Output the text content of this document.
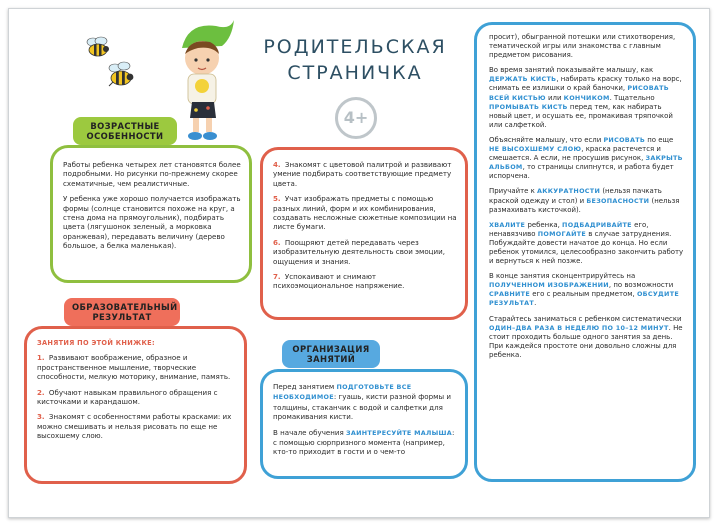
РОДИТЕЛЬСКАЯ
СТРАНИЧКА
4+

Работы ребенка четырех лет становятся более подробными. Но рисунки по-прежнему скорее схематичные, чем реалистичные.

У ребенка уже хорошо получается изображать формы (солнце становится похоже на круг, а стена дома на прямоугольник), подбирать цвета (лягушонок зеленый, а морковка оранжевая), передавать величину (дерево большое, а белка маленькая).

ВОЗРАСТНЫЕ
ОСОБЕННОСТИ

ЗАНЯТИЯ ПО ЭТОЙ КНИЖКЕ:

1. Развивают воображение, образное и пространственное мышление, творческие способности, мелкую моторику, внимание, память.

2. Обучают навыкам правильного обращения с кисточками и карандашом.

3. Знакомят с особенностями работы красками: их можно смешивать и нельзя рисовать по еще не высохшему слою.

ОБРАЗОВАТЕЛЬНЫЙ
РЕЗУЛЬТАТ

4. Знакомят с цветовой палитрой и развивают умение подбирать соответствующие предмету цвета.

5. Учат изображать предметы с помощью разных линий, форм и их комбинирования, создавать несложные сюжетные композиции на листе бумаги.

6. Поощряют детей передавать через изобразительную деятельность свои эмоции, ощущения и знания.

7. Успокаивают и снимают психоэмоциональное напряжение.

Перед занятием ПОДГОТОВЬТЕ ВСЕ НЕОБХОДИМОЕ: гуашь, кисти разной формы и толщины, стаканчик с водой и салфетки для промакивания кисти.

В начале обучения ЗАИНТЕРЕСУЙТЕ МАЛЫША: с помощью сюрпризного момента (например, кто-то приходит в гости и о чем-то

ОРГАНИЗАЦИЯ
ЗАНЯТИЙ

просит), обыгранной потешки или стихотворения, тематической игры или знакомства с главным предметом рисования.

Во время занятий показывайте малышу, как ДЕРЖАТЬ КИСТЬ, набирать краску только на ворс, снимать ее излишки о край баночки, РИСОВАТЬ ВСЕЙ КИСТЬЮ или КОНЧИКОМ. Тщательно ПРОМЫВАТЬ КИСТЬ перед тем, как набирать новый цвет, и осушать ее, промакивая тряпочкой или салфеткой.

Объясняйте малышу, что если РИСОВАТЬ по еще НЕ ВЫСОХШЕМУ СЛОЮ, краска растечется и смешается. А если, не просушив рисунок, ЗАКРЫТЬ АЛЬБОМ, то страницы слипнутся, и работа будет испорчена.

Приучайте к АККУРАТНОСТИ (нельзя пачкать краской одежду и стол) и БЕЗОПАСНОСТИ (нельзя размахивать кисточкой).

ХВАЛИТЕ ребенка, ПОДБАДРИВАЙТЕ его, ненавязчиво ПОМОГАЙТЕ в случае затруднения. Побуждайте довести начатое до конца. Но если ребенок утомился, целесообразно закончить работу и вернуться к ней позже.

В конце занятия сконцентрируйтесь на ПОЛУЧЕННОМ ИЗОБРАЖЕНИИ, по возможности СРАВНИТЕ его с реальным предметом, ОБСУДИТЕ РЕЗУЛЬТАТ.

Старайтесь заниматься с ребенком систематически ОДИН–ДВА РАЗА В НЕДЕЛЮ ПО 10–12 МИНУТ. Не стоит проходить больше одного занятия за день. При каждейся простоте они довольно сложны для ребенка.
